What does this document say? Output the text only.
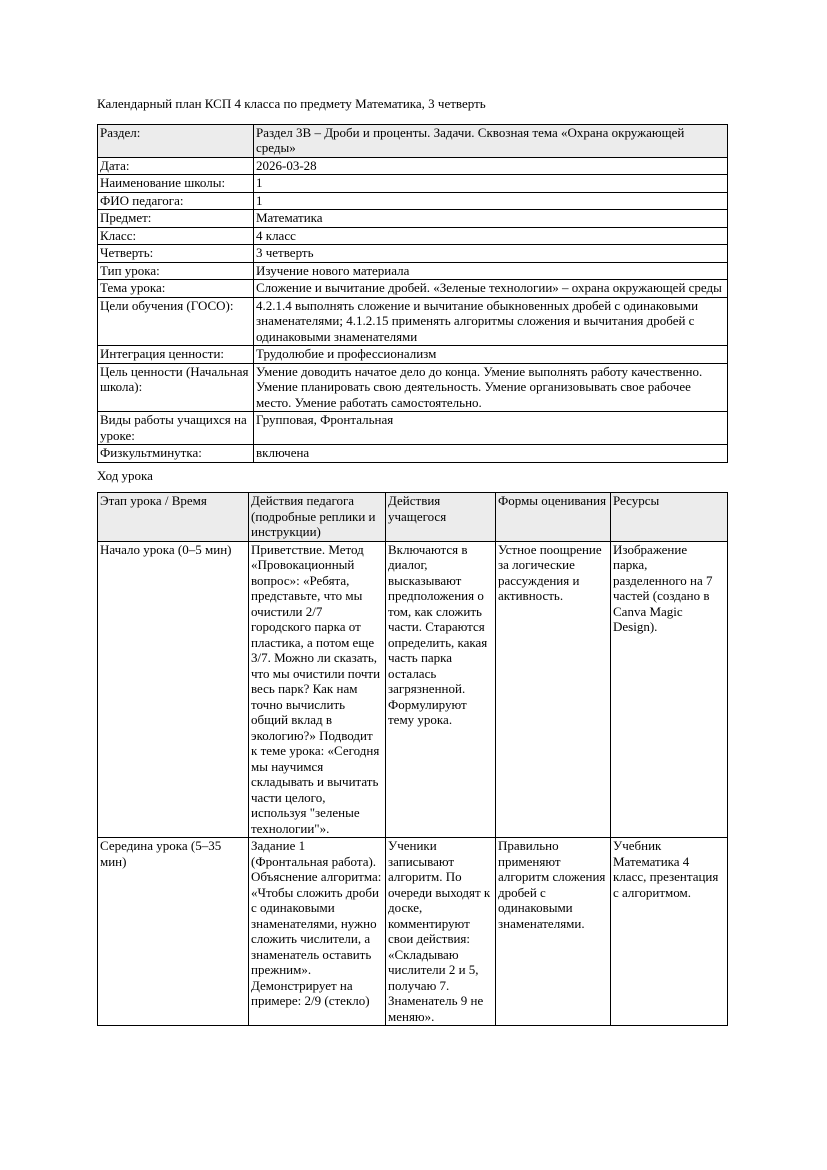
Календарный план КСП 4 класса по предмету Математика, 3 четверть
Раздел:	Раздел 3В – Дроби и проценты. Задачи. Сквозная тема «Охрана окружающей среды»
Дата:	2026-03-28
Наименование школы:	1
ФИО педагога:	1
Предмет:	Математика
Класс:	4 класс
Четверть:	3 четверть
Тип урока:	Изучение нового материала
Тема урока:	Сложение и вычитание дробей. «Зеленые технологии» – охрана окружающей среды
Цели обучения (ГОСО):	4.2.1.4 выполнять сложение и вычитание обыкновенных дробей с одинаковыми знаменателями; 4.1.2.15 применять алгоритмы сложения и вычитания дробей с одинаковыми знаменателями
Интеграция ценности:	Трудолюбие и профессионализм
Цель ценности (Начальная школа):	Умение доводить начатое дело до конца. Умение выполнять работу качественно. Умение планировать свою деятельность. Умение организовывать свое рабочее место. Умение работать самостоятельно.
Виды работы учащихся на уроке:	Групповая, Фронтальная
Физкультминутка:	включена
Ход урока
Этап урока / Время	Действия педагога (подробные реплики и инструкции)	Действия учащегося	Формы оценивания	Ресурсы
Начало урока (0–5 мин)	Приветствие. Метод «Провокационный вопрос»: «Ребята, представьте, что мы очистили 2/7 городского парка от пластика, а потом еще 3/7. Можно ли сказать, что мы очистили почти весь парк? Как нам точно вычислить общий вклад в экологию?» Подводит к теме урока: «Сегодня мы научимся складывать и вычитать части целого, используя "зеленые технологии"».	Включаются в диалог, высказывают предположения о том, как сложить части. Стараются определить, какая часть парка осталась загрязненной. Формулируют тему урока.	Устное поощрение за логические рассуждения и активность.	Изображение парка, разделенного на 7 частей (создано в Canva Magic Design).
Середина урока (5–35 мин)	Задание 1 (Фронтальная работа). Объяснение алгоритма: «Чтобы сложить дроби с одинаковыми знаменателями, нужно сложить числители, а знаменатель оставить прежним». Демонстрирует на примере: 2/9 (стекло)	Ученики записывают алгоритм. По очереди выходят к доске, комментируют свои действия: «Складываю числители 2 и 5, получаю 7. Знаменатель 9 не меняю».	Правильно применяют алгоритм сложения дробей с одинаковыми знаменателями.	Учебник Математика 4 класс, презентация с алгоритмом.
